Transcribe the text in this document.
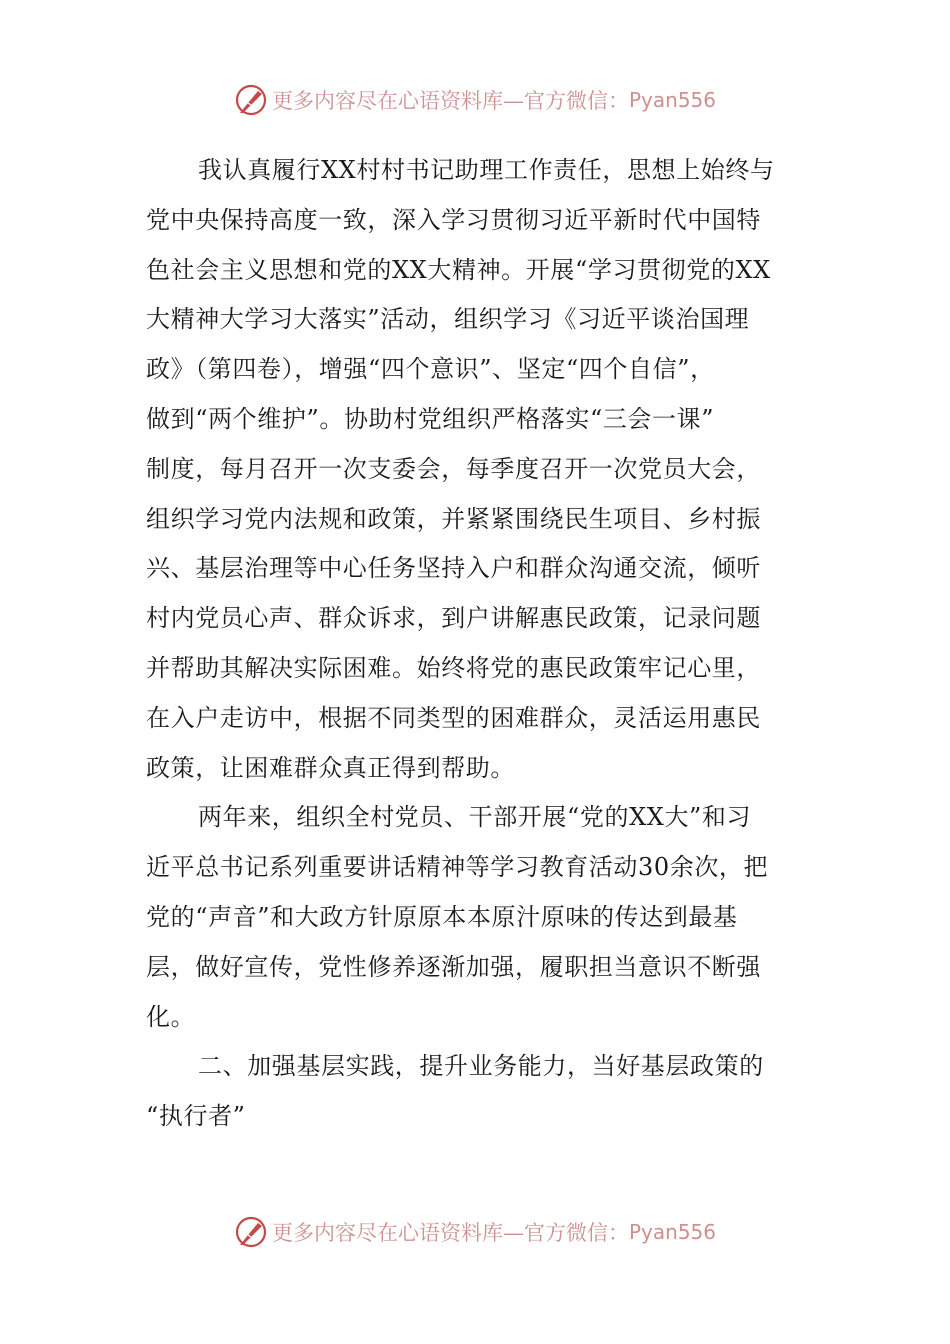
更多内容尽在心语资料库—官方微信： Pyan556
我认真履行XX村村书记助理工作责任，思想上始终与
党中央保持高度一致，深入学习贯彻习近平新时代中国特
色社会主义思想和党的XX大精神。开展“学习贯彻党的XX
大精神大学习大落实”活动，组织学习《习近平谈治国理
政》（第四卷），增强“四个意识”、坚定“四个自信”，
做到“两个维护”。协助村党组织严格落实“三会一课”
制度，每月召开一次支委会，每季度召开一次党员大会，
组织学习党内法规和政策，并紧紧围绕民生项目、乡村振
兴、基层治理等中心任务坚持入户和群众沟通交流，倾听
村内党员心声、群众诉求，到户讲解惠民政策，记录问题
并帮助其解决实际困难。始终将党的惠民政策牢记心里，
在入户走访中，根据不同类型的困难群众，灵活运用惠民
政策，让困难群众真正得到帮助。
两年来，组织全村党员、干部开展“党的XX大”和习
近平总书记系列重要讲话精神等学习教育活动30余次，把
党的“声音”和大政方针原原本本原汁原味的传达到最基
层，做好宣传，党性修养逐渐加强，履职担当意识不断强
化。
二、加强基层实践，提升业务能力，当好基层政策的
“执行者”
更多内容尽在心语资料库—官方微信： Pyan556
